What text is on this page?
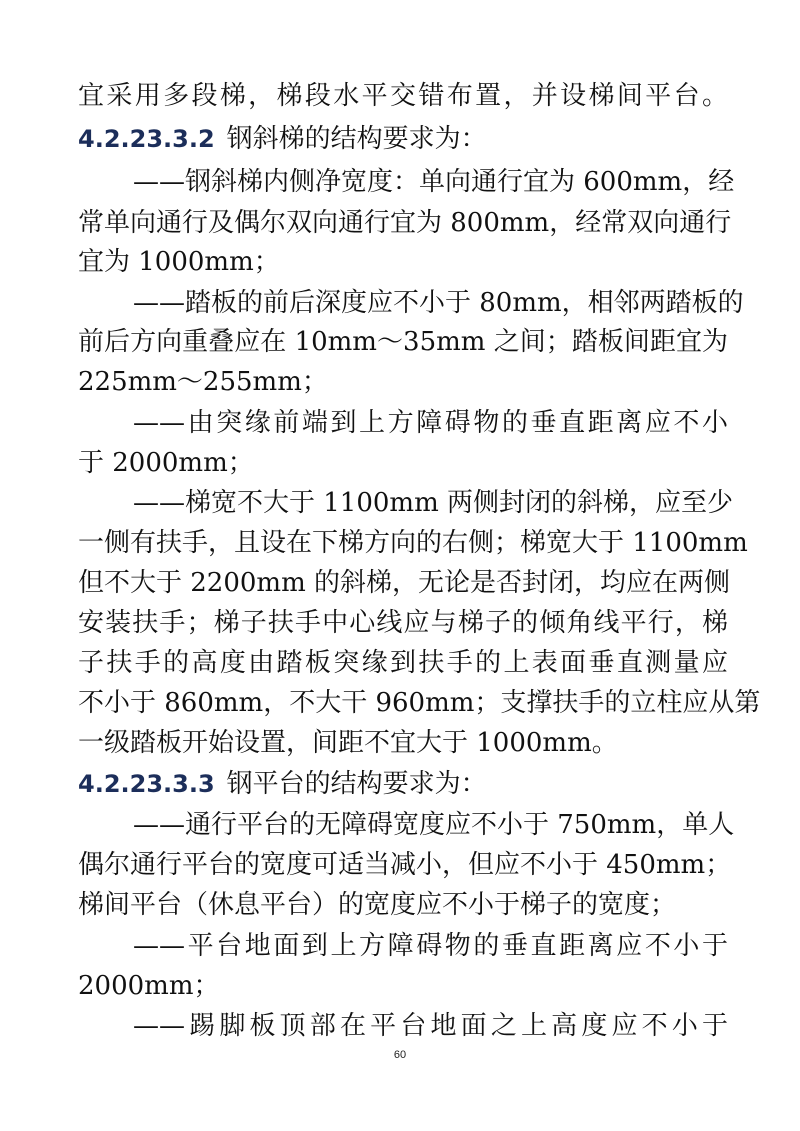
宜采用多段梯，梯段水平交错布置，并设梯间平台。
4.2.23.3.2 钢斜梯的结构要求为：
——钢斜梯内侧净宽度：单向通行宜为 600mm，经
常单向通行及偶尔双向通行宜为 800mm，经常双向通行
宜为 1000mm；
——踏板的前后深度应不小于 80mm，相邻两踏板的
前后方向重叠应在 10mm～35mm 之间；踏板间距宜为
225mm～255mm；
——由突缘前端到上方障碍物的垂直距离应不小
于 2000mm；
——梯宽不大于 1100mm 两侧封闭的斜梯，应至少
一侧有扶手，且设在下梯方向的右侧；梯宽大于 1100mm
但不大于 2200mm 的斜梯，无论是否封闭，均应在两侧
安装扶手；梯子扶手中心线应与梯子的倾角线平行，梯
子扶手的高度由踏板突缘到扶手的上表面垂直测量应
不小于 860mm，不大干 960mm；支撑扶手的立柱应从第
一级踏板开始设置，间距不宜大于 1000mm。
4.2.23.3.3 钢平台的结构要求为：
——通行平台的无障碍宽度应不小于 750mm，单人
偶尔通行平台的宽度可适当减小，但应不小于 450mm；
梯间平台（休息平台）的宽度应不小于梯子的宽度；
——平台地面到上方障碍物的垂直距离应不小于
2000mm；
——踢脚板顶部在平台地面之上高度应不小于
60
